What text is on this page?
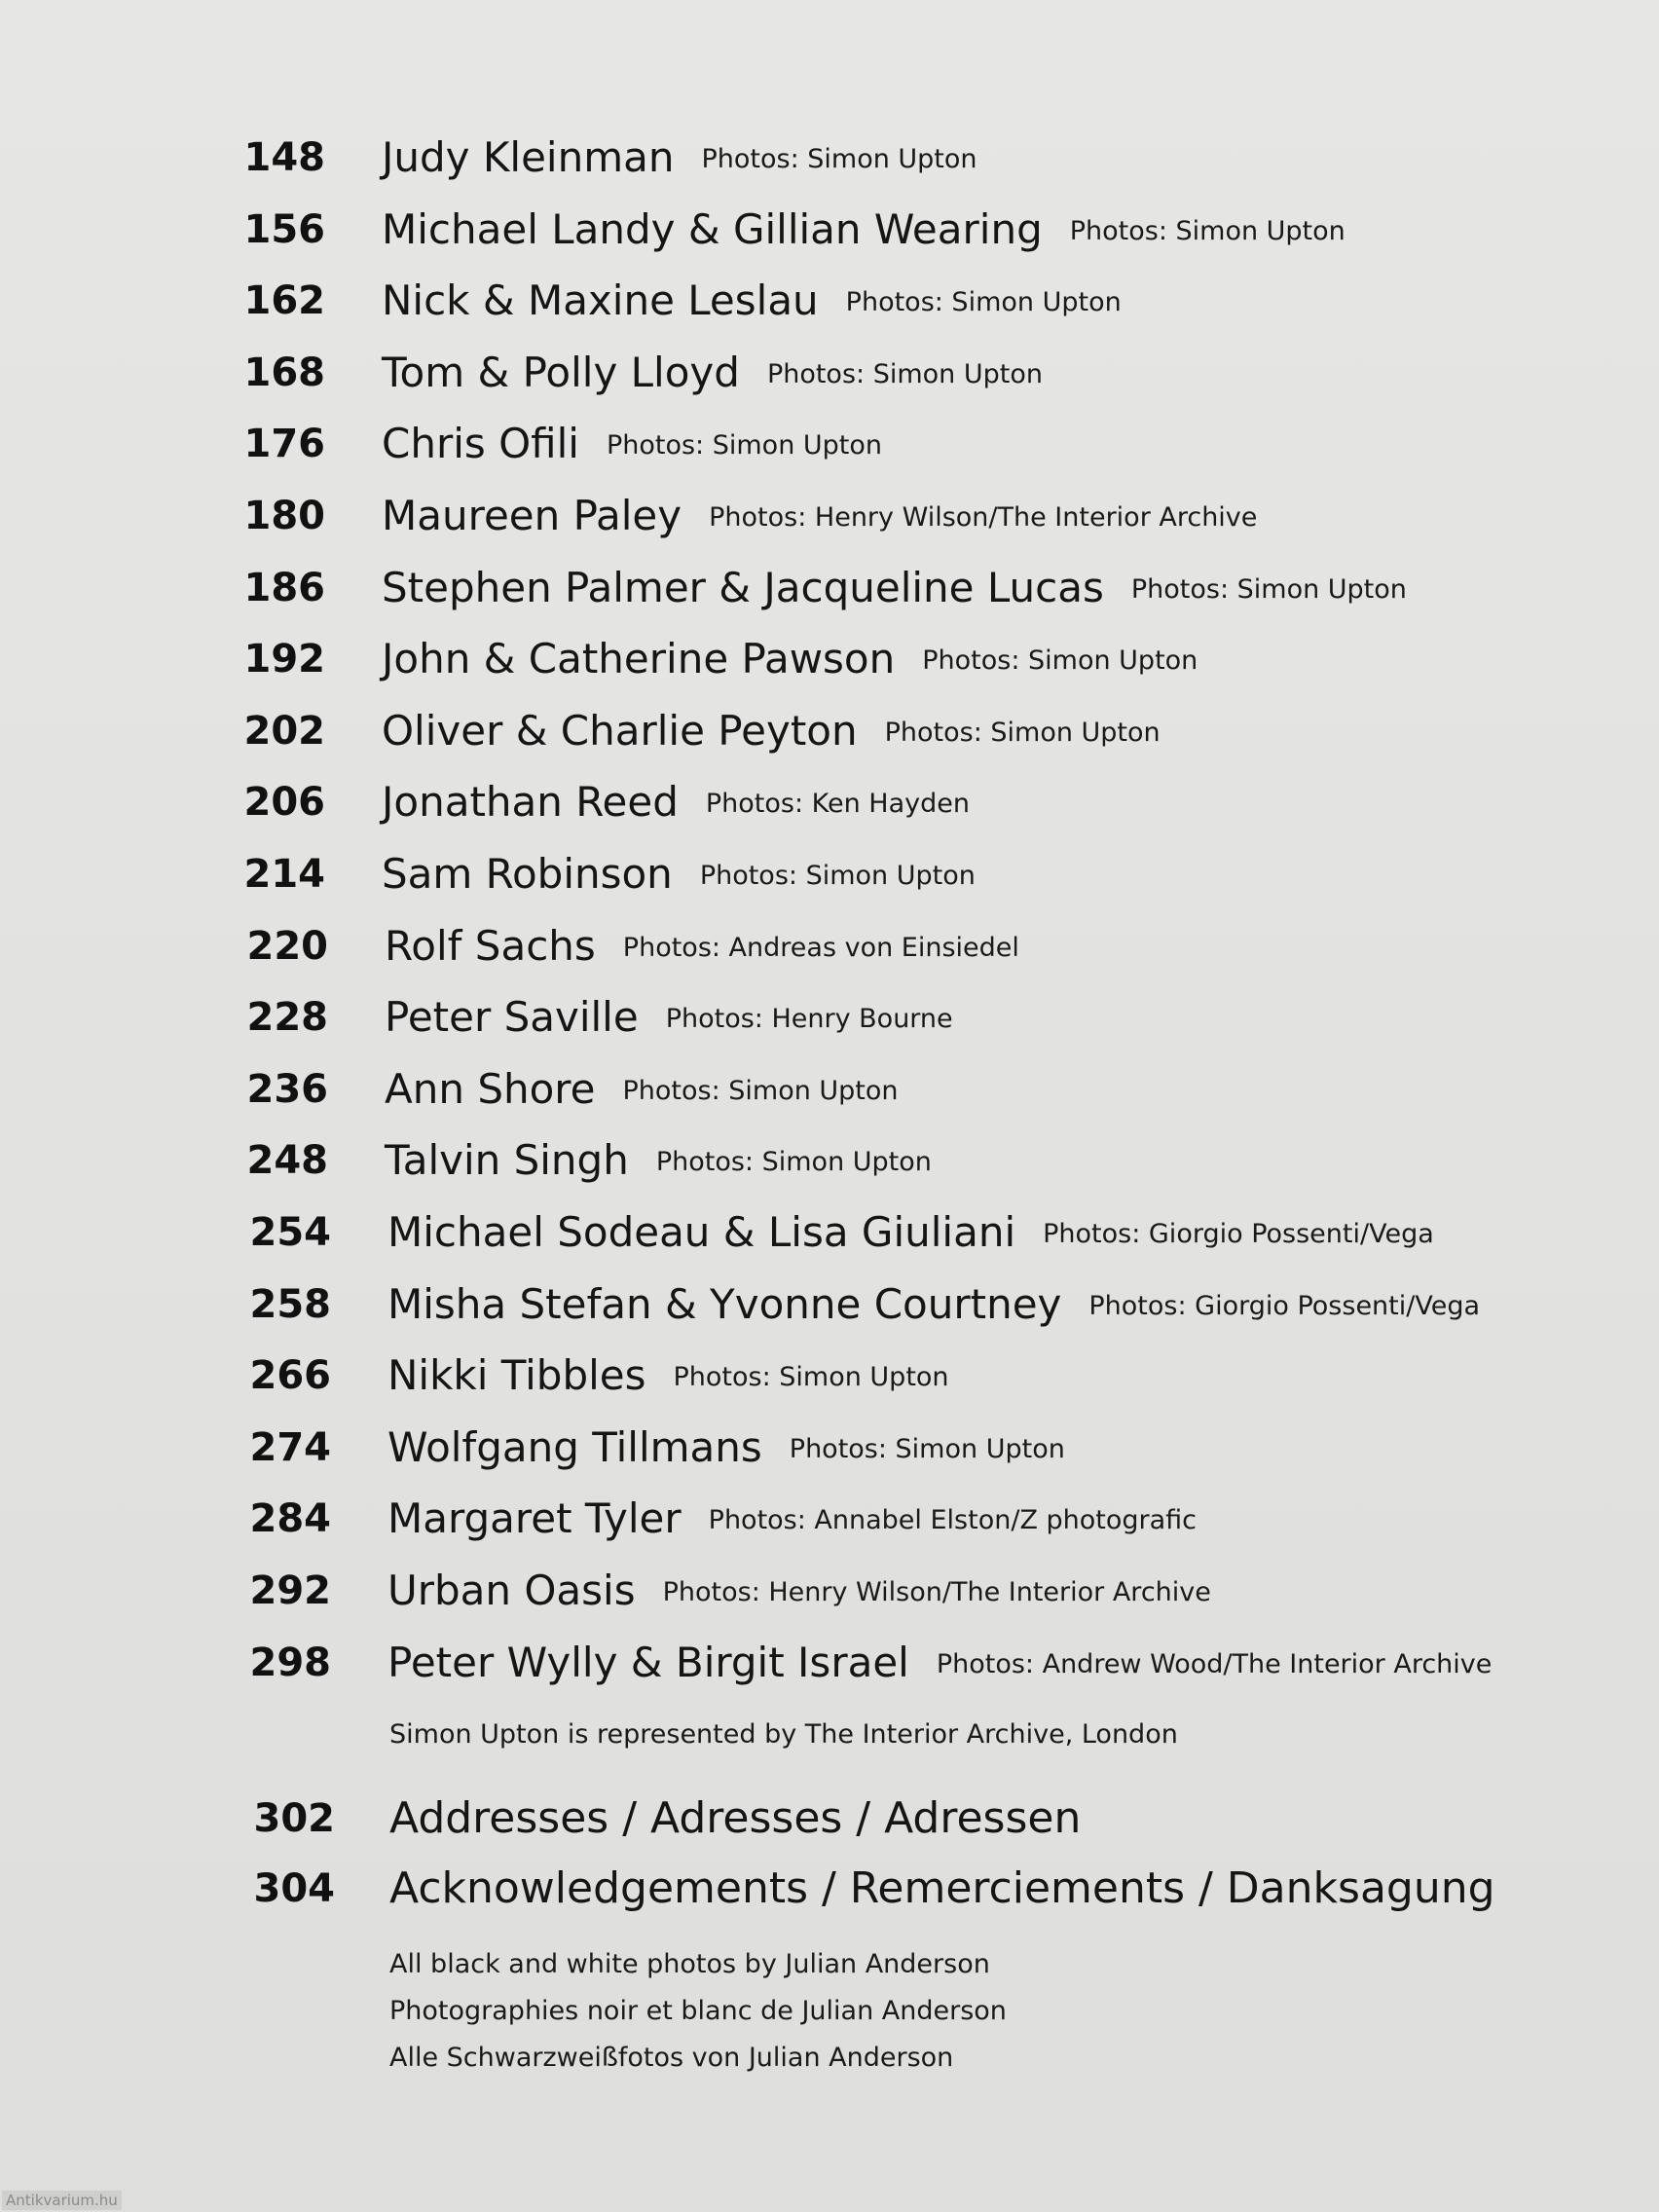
148 Judy Kleinman Photos: Simon Upton
156 Michael Landy & Gillian Wearing Photos: Simon Upton
162 Nick & Maxine Leslau Photos: Simon Upton
168 Tom & Polly Lloyd Photos: Simon Upton
176 Chris Ofili Photos: Simon Upton
180 Maureen Paley Photos: Henry Wilson/The Interior Archive
186 Stephen Palmer & Jacqueline Lucas Photos: Simon Upton
192 John & Catherine Pawson Photos: Simon Upton
202 Oliver & Charlie Peyton Photos: Simon Upton
206 Jonathan Reed Photos: Ken Hayden
214 Sam Robinson Photos: Simon Upton
220 Rolf Sachs Photos: Andreas von Einsiedel
228 Peter Saville Photos: Henry Bourne
236 Ann Shore Photos: Simon Upton
248 Talvin Singh Photos: Simon Upton
254 Michael Sodeau & Lisa Giuliani Photos: Giorgio Possenti/Vega
258 Misha Stefan & Yvonne Courtney Photos: Giorgio Possenti/Vega
266 Nikki Tibbles Photos: Simon Upton
274 Wolfgang Tillmans Photos: Simon Upton
284 Margaret Tyler Photos: Annabel Elston/Z photografic
292 Urban Oasis Photos: Henry Wilson/The Interior Archive
298 Peter Wylly & Birgit Israel Photos: Andrew Wood/The Interior Archive
Simon Upton is represented by The Interior Archive, London
302 Addresses / Adresses / Adressen
304 Acknowledgements / Remerciements / Danksagung
All black and white photos by Julian Anderson
Photographies noir et blanc de Julian Anderson
Alle Schwarzweißfotos von Julian Anderson
Antikvarium.hu
